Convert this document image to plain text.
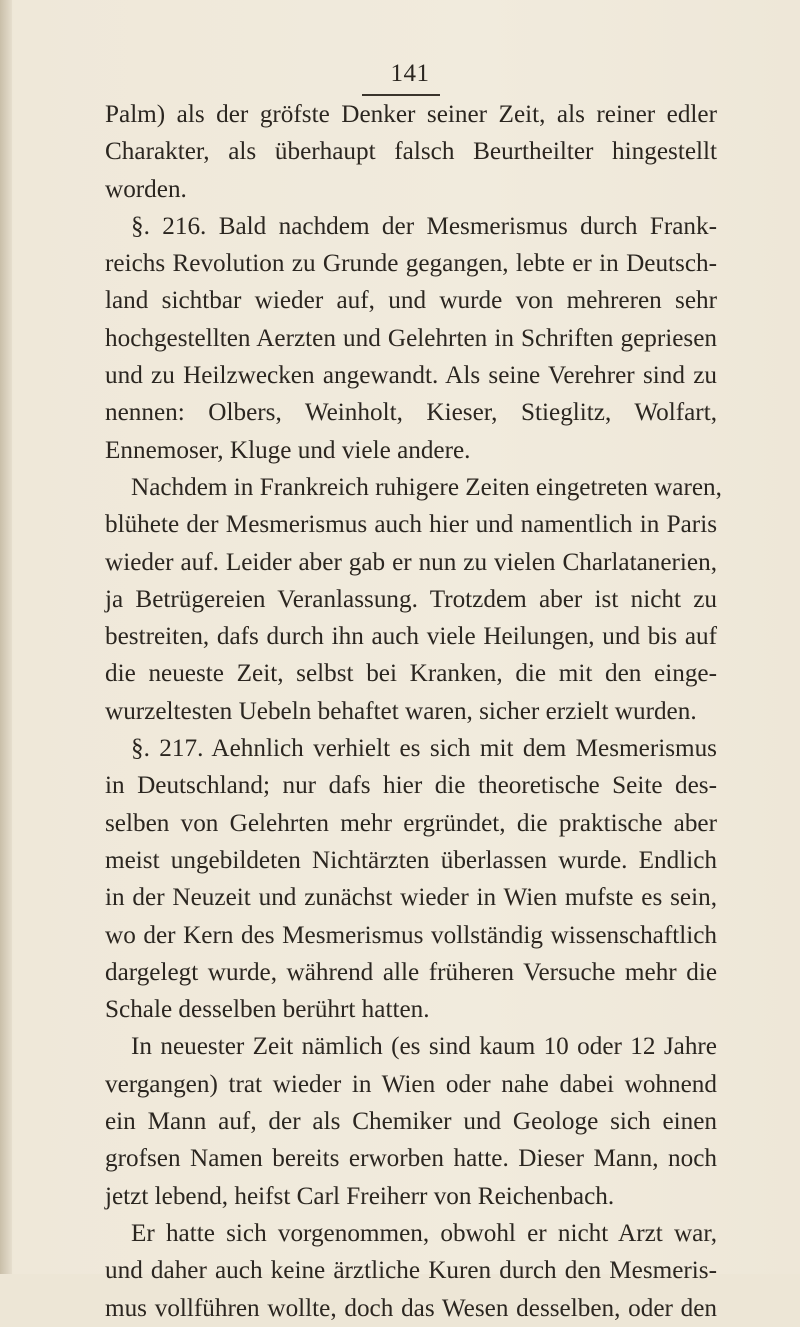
141
Palm) als der gröfste Denker seiner Zeit, als reiner edler
Charakter, als überhaupt falsch Beurtheilter hingestellt
worden.
§. 216. Bald nachdem der Mesmerismus durch Frank-
reichs Revolution zu Grunde gegangen, lebte er in Deutsch-
land sichtbar wieder auf, und wurde von mehreren sehr
hochgestellten Aerzten und Gelehrten in Schriften gepriesen
und zu Heilzwecken angewandt. Als seine Verehrer sind zu
nennen: Olbers, Weinholt, Kieser, Stieglitz, Wolfart,
Ennemoser, Kluge und viele andere.
Nachdem in Frankreich ruhigere Zeiten eingetreten waren,
blühete der Mesmerismus auch hier und namentlich in Paris
wieder auf. Leider aber gab er nun zu vielen Charlatanerien,
ja Betrügereien Veranlassung. Trotzdem aber ist nicht zu
bestreiten, dafs durch ihn auch viele Heilungen, und bis auf
die neueste Zeit, selbst bei Kranken, die mit den einge-
wurzeltesten Uebeln behaftet waren, sicher erzielt wurden.
§. 217. Aehnlich verhielt es sich mit dem Mesmerismus
in Deutschland; nur dafs hier die theoretische Seite des-
selben von Gelehrten mehr ergründet, die praktische aber
meist ungebildeten Nichtärzten überlassen wurde. Endlich
in der Neuzeit und zunächst wieder in Wien mufste es sein,
wo der Kern des Mesmerismus vollständig wissenschaftlich
dargelegt wurde, während alle früheren Versuche mehr die
Schale desselben berührt hatten.
In neuester Zeit nämlich (es sind kaum 10 oder 12 Jahre
vergangen) trat wieder in Wien oder nahe dabei wohnend
ein Mann auf, der als Chemiker und Geologe sich einen
grofsen Namen bereits erworben hatte. Dieser Mann, noch
jetzt lebend, heifst Carl Freiherr von Reichenbach.
Er hatte sich vorgenommen, obwohl er nicht Arzt war,
und daher auch keine ärztliche Kuren durch den Mesmeris-
mus vollführen wollte, doch das Wesen desselben, oder den
